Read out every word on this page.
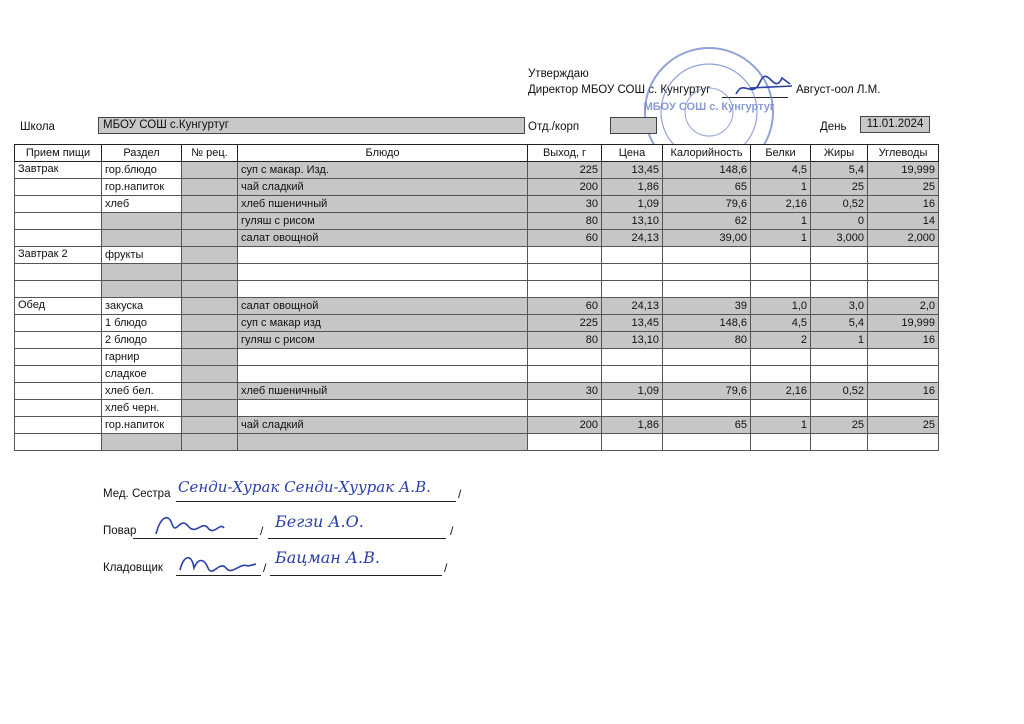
Утверждаю
Директор МБОУ СОШ с. Кунгуртуг	Август-оол Л.М.
МБОУ СОШ с. Кунгуртуг
Школа	МБОУ СОШ с.Кунгуртуг	Отд./корп	День	11.01.2024
Прием пищи	Раздел	№ рец.	Блюдо	Выход, г	Цена	Калорийность	Белки	Жиры	Углеводы
Завтрак	гор.блюдо		суп с макар. Изд.	225	13,45	148,6	4,5	5,4	19,999
	гор.напиток		чай сладкий	200	1,86	65	1	25	25
	хлеб		хлеб пшеничный	30	1,09	79,6	2,16	0,52	16
			гуляш с рисом	80	13,10	62	1	0	14
			салат овощной	60	24,13	39,00	1	3,000	2,000
Завтрак 2	фрукты								

Обед	закуска		салат овощной	60	24,13	39	1,0	3,0	2,0
	1 блюдо		суп с макар изд	225	13,45	148,6	4,5	5,4	19,999
	2 блюдо		гуляш с рисом	80	13,10	80	2	1	16
	гарнир								
	сладкое								
	хлеб бел.		хлеб пшеничный	30	1,09	79,6	2,16	0,52	16
	хлеб черн.								
	гор.напиток		чай сладкий	200	1,86	65	1	25	25

Мед. Сестра Сенди-Хурак Сенди-Хуурак А.В. /
Повар	/	/
Бегзи А.О.
Кладовщик	/	/
Бацман А.В.
